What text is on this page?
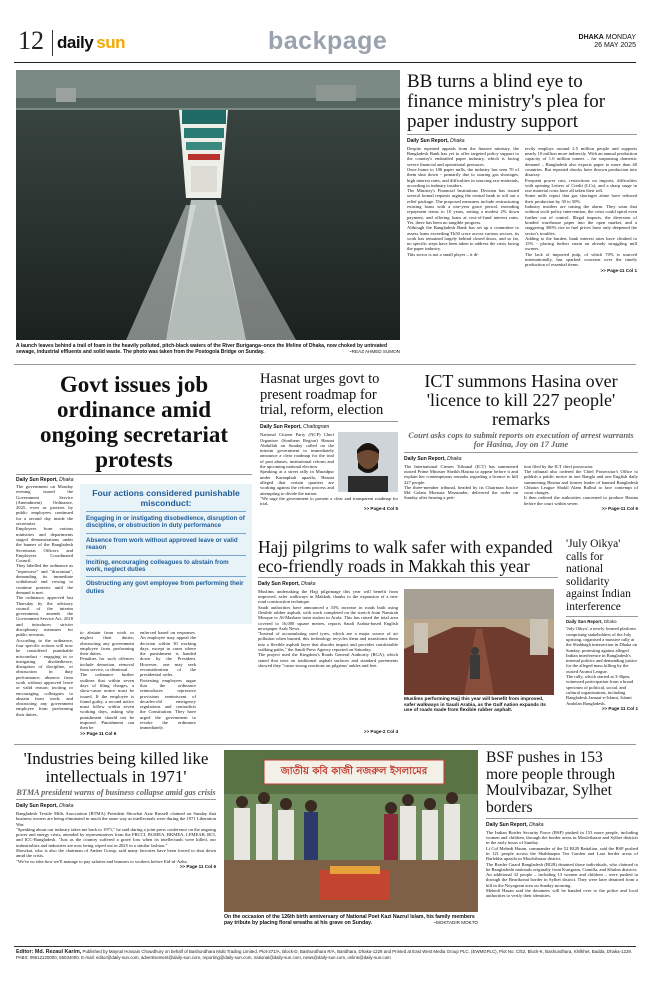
12 daily sun	backpage	DHAKA MONDAY
26 MAY 2025
A launch leaves behind a trail of foam in the heavily polluted, pitch-black waters of the River Buriganga–once the lifeline of Dhaka, now choked by untreated sewage, industrial effluents and solid waste. The photo was taken from the Postogola Bridge on Sunday.	~REAZ AHMED SUMON
BB turns a blind eye to finance ministry's plea for paper industry support
Daily Sun Report, Dhaka
Despite repeated appeals from the finance ministry, the Bangladesh Bank has yet to offer targeted policy support to the country's embattled paper industry, which is facing severe financial and operational pressures.
Once home to 106 paper mills, the industry has seen 70 of them shut down - primarily due to soaring gas shortages, high interest rates, and difficulties in sourcing raw materials, according to industry insiders.
The Ministry's Financial Institutions Division has issued several formal requests urging the central bank to roll out a relief package. The proposed measures include restructuring existing loans with a one-year grace period, extending repayment terms to 10 years, setting a modest 2% down payment, and offering loans at cost-of-fund interest rates. Yet, there has been no tangible progress.
Although the Bangladesh Bank has set up a committee to assess loans exceeding Tk50 crore across various sectors, its work has remained largely behind closed doors, and so far, no specific steps have been taken to address the crisis facing the paper industry.
This sector is not a small player – it di-
rectly employs around 2.5 million people and supports nearly 10 million more indirectly. With an annual production capacity of 1.6 million tonnes – far surpassing domestic demand – Bangladesh also exports paper to more than 40 countries. But repeated shocks have thrown production into disarray.
Frequent power cuts, restrictions on imports, difficulties with opening Letters of Credit (LCs), and a sharp surge in raw material costs have all taken their toll.
Some mills report that gas shortages alone have reduced their production by 30 to 50%.
Industry insiders are raising the alarm. They warn that without swift policy intervention, the crisis could spiral even further out of control. Illegal imports, the diversion of bonded warehouse paper into the open market, and a staggering 300% rise in fuel prices have only deepened the sector's troubles.
Adding to the burden, bank interest rates have climbed to 15% - placing further strain on already struggling mill owners.
The lack of imported pulp, of which 70% is sourced internationally, has sparked concerns over the timely production of essential items.
>> Page-11 Col 1
Govt issues job ordinance amid ongoing secretariat protests
Daily Sun Report, Dhaka
The government on Monday evening issued the Government Service (Amendment) Ordinance, 2025, even as protests by public employees continued for a second day inside the secretariat.
Employees from various ministries and departments staged demonstrations under the banner of the Bangladesh Secretariat Officers and Employees Coordinated Council.
They labelled the ordinance as "repressive" and "draconian", demanding its immediate withdrawal and vowing to continue protests until the demand is met.
The ordinance, approved last Thursday by the advisory council of the interim government, amends the Government Service Act, 2018 and introduces stricter disciplinary measures for public servants.
According to the ordinance, four specific actions will now be considered punishable misconduct - engaging in or instigating disobedience, disruption of discipline, or obstruction in duty performance; absence from work without approved leave or valid reason; inciting or encouraging colleagues to abstain from work; and obstructing any government employee from performing their duties.
Four actions considered punishable misconduct:
Engaging in or instigating disobedience, disruption of discipline, or obstruction in duty performance
Absence from work without approved leave or valid reason
Inciting, encouraging colleagues to abstain from work, neglect duties
Obstructing any govt employee from performing their duties
to abstain from work or neglect their duties; obstructing any government employee from performing their duties.
Penalties for such offences include demotion, removal from service, or dismissal.
The ordinance further outlines that within seven days of filing charges, a show-cause notice must be issued. If the employee is found guilty, a second notice must follow within seven working days, asking why punishment should not be imposed. Punishment can then be
enforced based on responses. An employee may appeal the decision within 30 working days, except in cases where the punishment is handed down by the President. However, one may seek reconsideration of the presidential order.
Protesting employees argue that the ordinance reintroduces repressive provisions reminiscent of decades-old emergency regulations and contradicts the Constitution. They have urged the government to revoke the ordinance immediately.
>> Page 11 Col 6
Hasnat urges govt to present roadmap for trial, reform, election
Daily Sun Report, Chattogram
National Citizen Party (NCP) Chief Organiser (Southern Region) Hasnat Abdullah on Sunday called on the interim government to immediately announce a clear roadmap for the trial of past abuses, institutional reform and the upcoming national election.
Speaking at a street rally in Muradpur under Karnaphuli upazila, Hasnat alleged that certain quarters are working against the reform process and attempting to divide the nation.
"We urge the government to present a clear and transparent roadmap for trial,
>> Page-4 Col 5
ICT summons Hasina over 'licence to kill 227 people' remarks
Court asks cops to submit reports on execution of arrest warrants for Hasina, Joy on 17 June
Daily Sun Report, Dhaka
The International Crimes Tribunal (ICT) has summoned ousted Prime Minister Sheikh Hasina to appear before it and explain her contemptuous remarks regarding a licence to kill 227 people.
The three-member tribunal, headed by its Chairman Justice Md Golam Mortuza Mozumder, delivered the order on Sunday after hearing a peti-
tion filed by the ICT chief prosecutor.
The tribunal also ordered the Chief Prosecutor's Office to publish a public notice in one Bangla and one English daily summoning Hasina and former leader of banned Bangladesh Chhatra League Shakil Alam Bulbul to face contempt of court charges.
It then ordered the authorities concerned to produce Hasina before the court within seven
>> Page-11 Col 6
Hajj pilgrims to walk safer with expanded eco-friendly roads in Makkah this year
Daily Sun Report, Dhaka
Muslims undertaking the Hajj pilgrimage this year will benefit from improved, safer walkways in Makkah, thanks to the expansion of a new road construction technique.
Saudi authorities have announced a 33% increase in roads built using flexible rubber asphalt, with work completed on the stretch from Namirah Mosque to Al-Mashaer train station in Arafa. This has raised the total area covered to 16,000 square metres, reports Saudi Arabia-based English newspaper Arab News.
"Instead of accumulating used tyres, which are a major source of air pollution when burned, this technology recycles them and transforms them into a flexible asphalt layer that absorbs impact and provides comfortable walking paths," the Saudi Press Agency reported on Saturday.
The project used the Kingdom's Roads General Authority (RGA), which stated that tests on traditional asphalt surfaces and standard pavements showed they "cause strong reactions on pilgrims' ankles and feet.
>> Page-2 Col 4
Muslims performing Hajj this year will benefit from improved, safer walkways in Saudi Arabia, as the Gulf nation expands its use of roads made from flexible rubber asphalt.
'July Oikya' calls for national solidarity against Indian interference
Daily Sun Report, Dhaka
'July Oikya', a newly formed platform comprising stakeholders of the July uprising, organised a massive rally at the Shahbagh intersection in Dhaka on Sunday, protesting against alleged Indian interference in Bangladesh's internal politics and demanding justice for the alleged mass killing by the ousted Awami League.
The rally, which started at 3:30pm, witnessed participation from a broad spectrum of political, social, and cultural organisations, including Bangladesh Jamaat-e-Islami, Islami Andolan Bangladesh,
>> Page 11 Col 1
'Industries being killed like intellectuals in 1971'
BTMA president warns of business collapse amid gas crisis
Daily Sun Report, Dhaka
Bangladesh Textile Mills Association (BTMA) President Showkat Aziz Russell claimed on Sunday that business owners are being eliminated in much the same way as intellectuals were during the 1971 Liberation War.
"Speaking about our industry takes me back to 1971," he said during a joint press conference on the ongoing power and energy crisis, attended by representatives from the FBCCI, BGMEA, BKMEA, LFMEAB, BCI, and ICC-Bangladesh. "Just as the country suffered a grave loss when its intellectuals were killed, our industrialists and industries are now being wiped out in 2025 in a similar fashion."
Showkat, who is also the chairman of Amber Group, said many factories have been forced to shut down amid the crisis.
"We've no idea how we'll manage to pay salaries and bonuses to workers before Eid-ul-Azha.
>> Page 11 Col 6
জাতীয় কবি কাজী নজরুল ইসলামের
On the occasion of the 126th birth anniversary of National Poet Kazi Nazrul Islam, his family members pay tribute by placing floral wreaths at his grave on Sunday.	~MOKTADIR MOKTO
BSF pushes in 153 more people through Moulvibazar, Sylhet borders
Daily Sun Report, Dhaka
The Indian Border Security Force (BSF) pushed in 153 more people, including women and children, through the border areas in Moulvibazar and Sylhet districts in the early hours of Sunday.
Lt Col Mehedi Hasan, commander of the 52 BGB Battalion, said the BSF pushed in 121 people across the Shahbazpur Tea Garden and Lara border areas of Barlekha upazila in Moulvibazar district.
The Border Guard Bangladesh (BGB) detained those individuals, who claimed to be Bangladeshi nationals originally from Kurigram, Cumilla, and Khulna districts.
An additional 32 people – including 13 women and children – were pushed in through the Bearikonai border in Sylhet district. They were later detained from a hill in the Noyagram area on Sunday morning.
Mehedi Hasan said the detainees will be handed over to the police and local authorities to verify their identities.
Editor: Md. Rezaul Karim, Published by Maynal Hossain Chowdhury on behalf of Bashundhara Multi Trading Limited. Plot-371/A, Block-D, Bashundhara R/A, Baridhara, Dhaka-1229 and Printed at East West Media Group PLC. (EWMGPLC), Plot No: C/52, Block-K, Bashundhara, Khilkhet, Badda, Dhaka-1229. PABX: 09612120000, 55034000. E-mail: editor@daily-sun.com, advertisement@daily-sun.com, reporting@daily-sun.com, national@daily-sun.com, news@daily-sun.com, online@daily-sun.com
